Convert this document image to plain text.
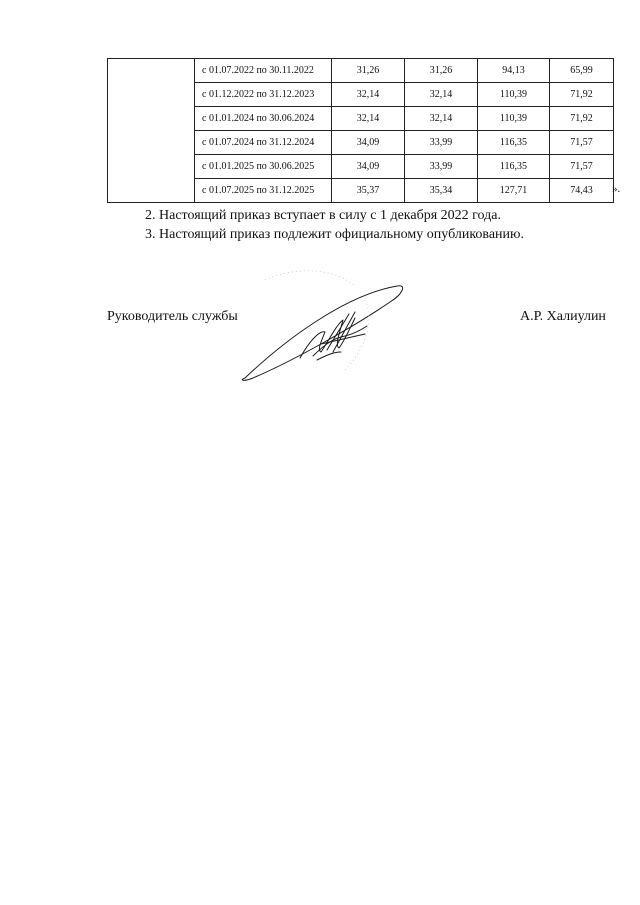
	с 01.07.2022 по 30.11.2022	31,26	31,26	94,13	65,99
	с 01.12.2022 по 31.12.2023	32,14	32,14	110,39	71,92
	с 01.01.2024 по 30.06.2024	32,14	32,14	110,39	71,92
	с 01.07.2024 по 31.12.2024	34,09	33,99	116,35	71,57
	с 01.01.2025 по 30.06.2025	34,09	33,99	116,35	71,57
	с 01.07.2025 по 31.12.2025	35,37	35,34	127,71	74,43 ».
2. Настоящий приказ вступает в силу с 1 декабря 2022 года.
3. Настоящий приказ подлежит официальному опубликованию.
Руководитель службы	А.Р. Халиулин
